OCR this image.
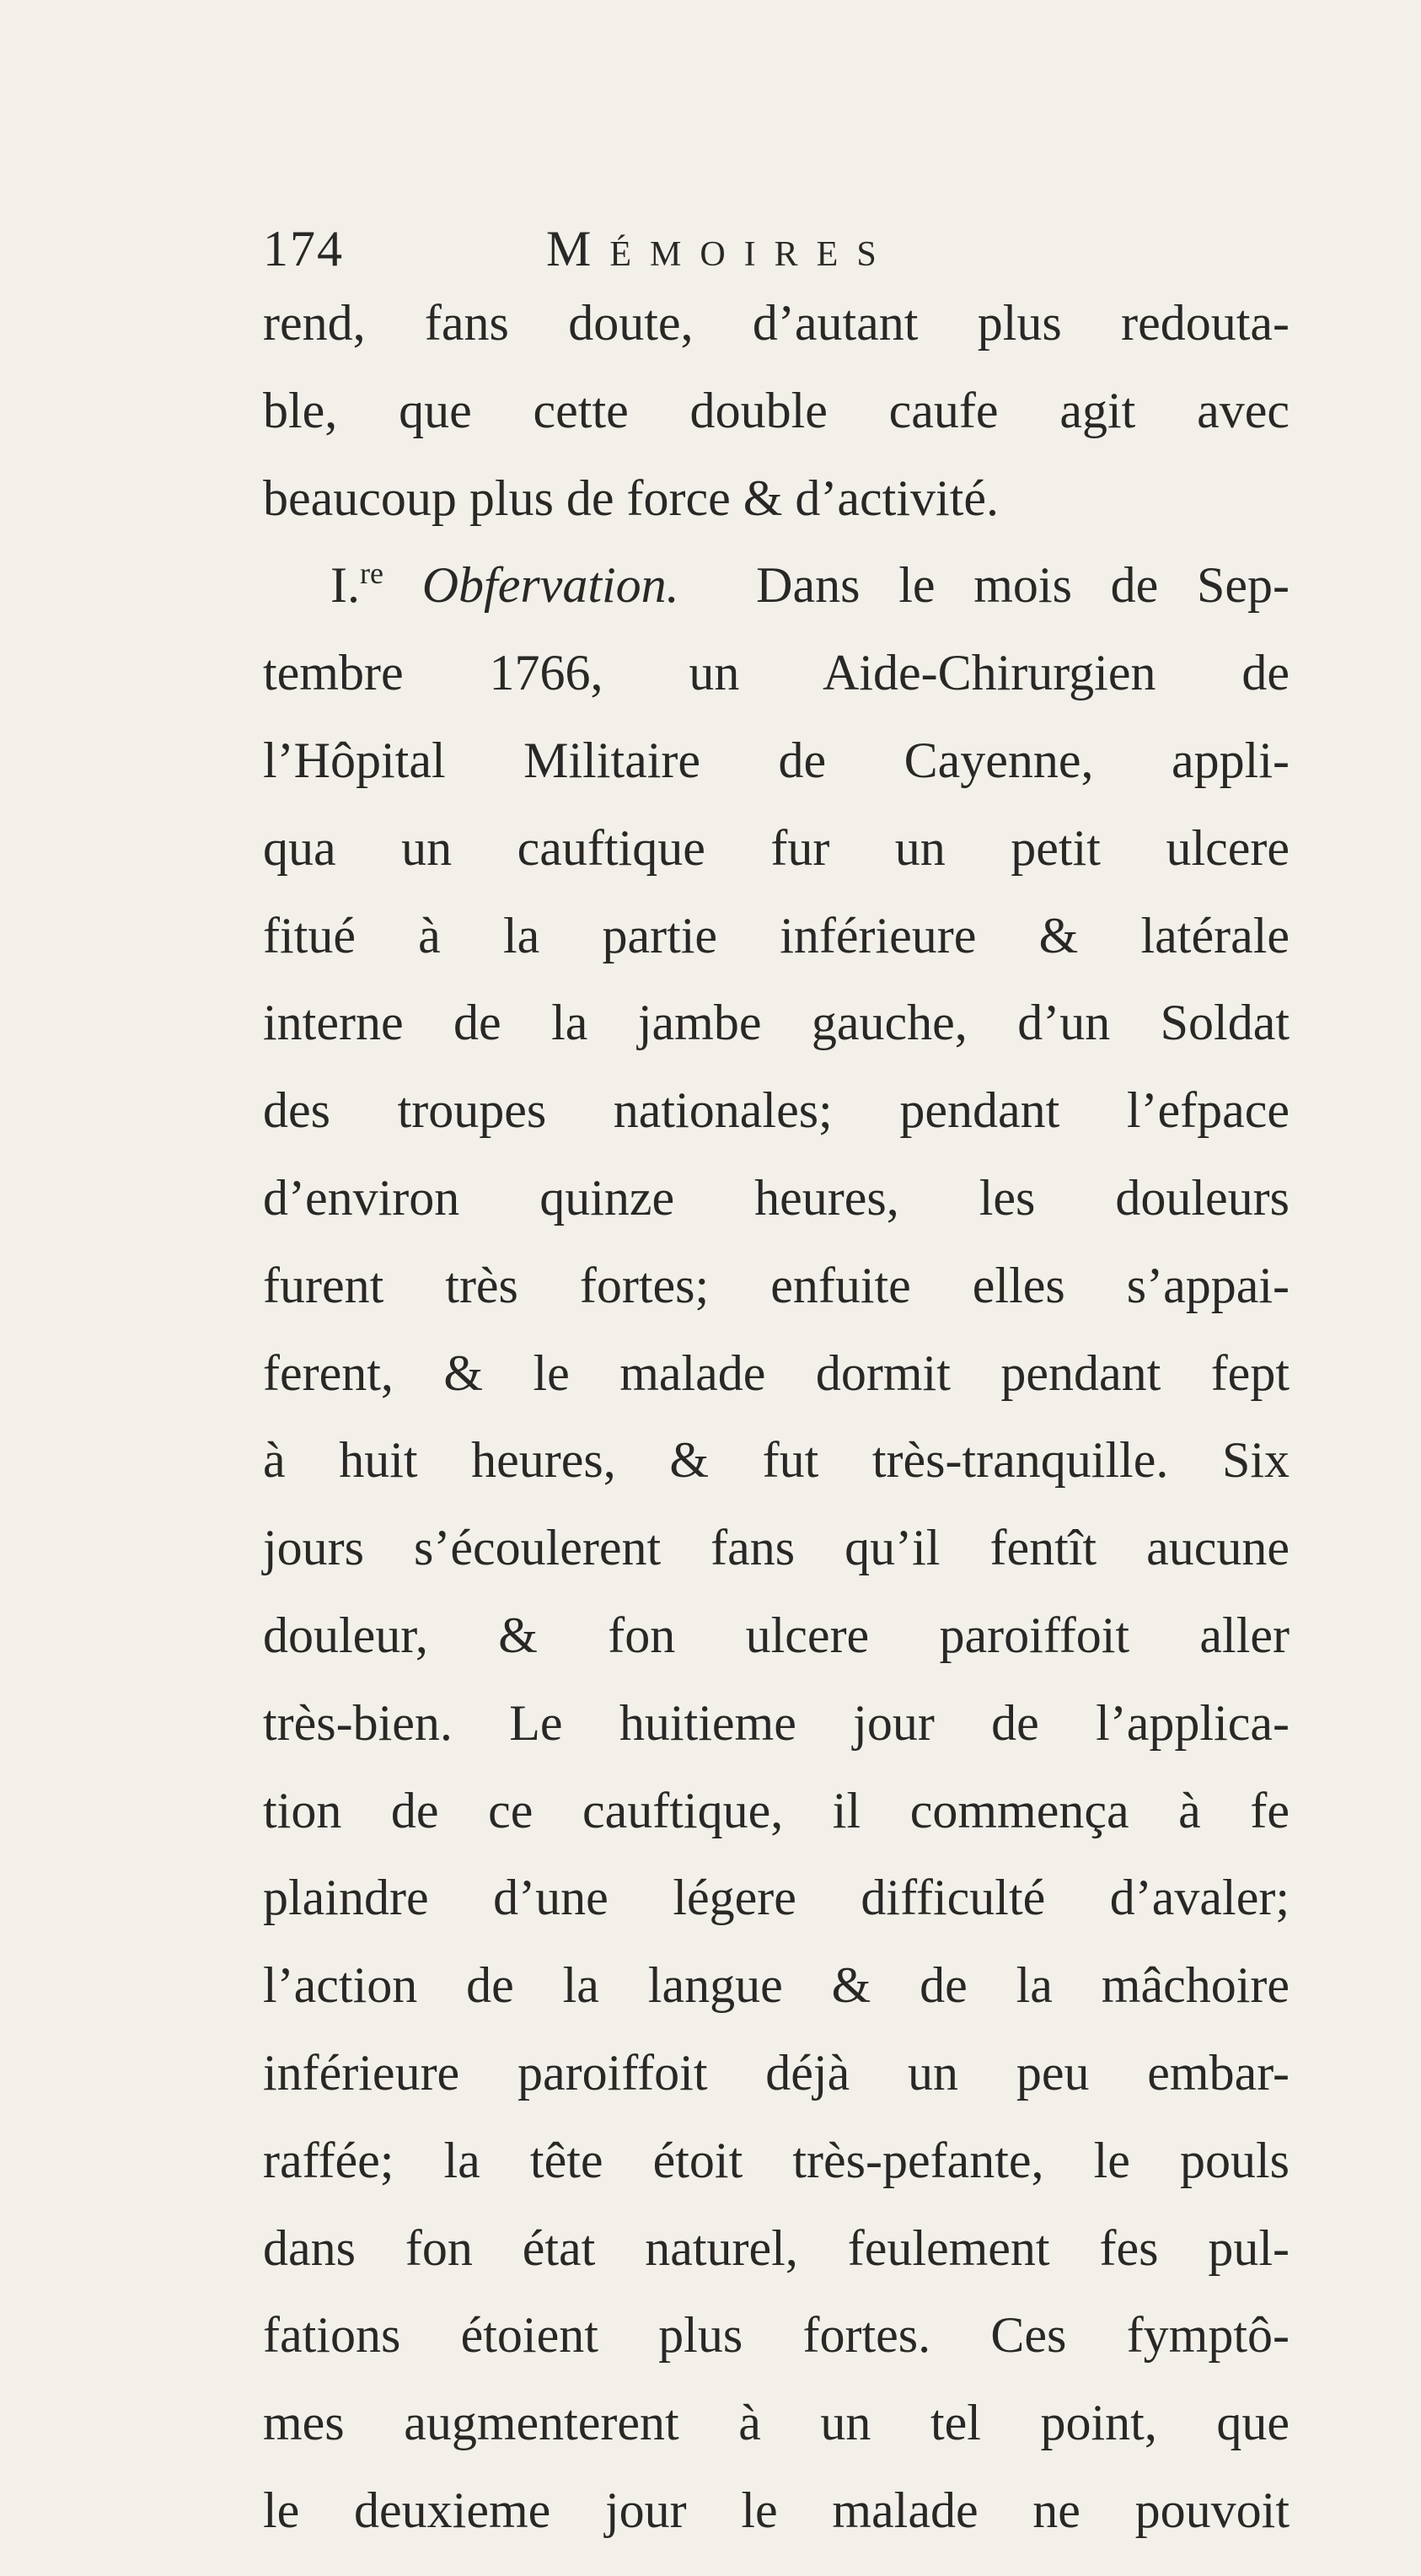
174	Mémoires
rend, fans doute, d’autant plus redouta-
ble, que cette double caufe agit avec
beaucoup plus de force & d’activité.
I.$^{re}$ Obfervation. Dans le mois de Sep-
tembre 1766, un Aide-Chirurgien de
l’Hôpital Militaire de Cayenne, appli-
qua un cauftique fur un petit ulcere
fitué à la partie inférieure & latérale
interne de la jambe gauche, d’un Soldat
des troupes nationales; pendant l’efpace
d’environ quinze heures, les douleurs
furent très fortes; enfuite elles s’appai-
ferent, & le malade dormit pendant fept
à huit heures, & fut très-tranquille. Six
jours s’écoulerent fans qu’il fentît aucune
douleur, & fon ulcere paroiffoit aller
très-bien. Le huitieme jour de l’applica-
tion de ce cauftique, il commença à fe
plaindre d’une légere difficulté d’avaler;
l’action de la langue & de la mâchoire
inférieure paroiffoit déjà un peu embar-
raffée; la tête étoit très-pefante, le pouls
dans fon état naturel, feulement fes pul-
fations étoient plus fortes. Ces fymptô-
mes augmenterent à un tel point, que
le deuxieme jour le malade ne pouvoit
